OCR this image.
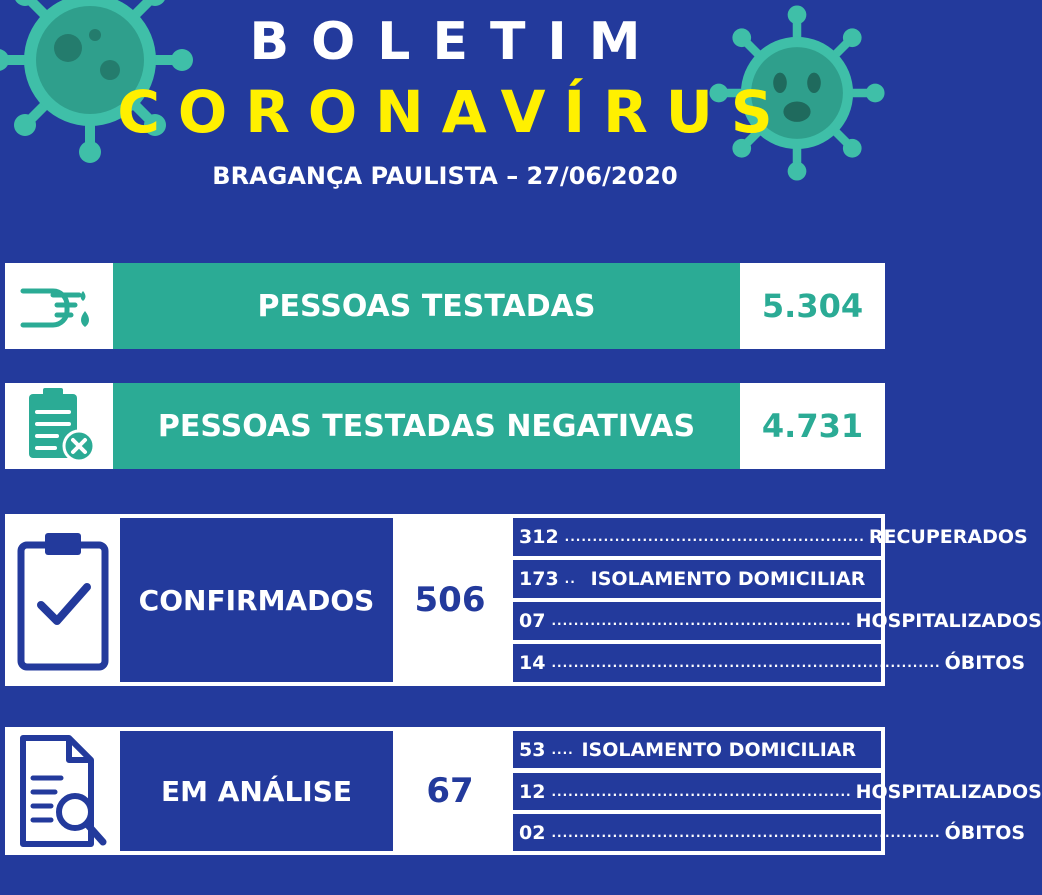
BOLETIM
CORONAVÍRUS
BRAGANÇA PAULISTA – 27/06/2020
PESSOAS TESTADAS	5.304
PESSOAS TESTADAS NEGATIVAS	4.731
CONFIRMADOS	506
312 ...................................................... RECUPERADOS
173 .. ISOLAMENTO DOMICILIAR
07 ...................................................... HOSPITALIZADOS
14 ...................................................................... ÓBITOS
EM ANÁLISE	67
53 .... ISOLAMENTO DOMICILIAR
12 ...................................................... HOSPITALIZADOS
02 ...................................................................... ÓBITOS
